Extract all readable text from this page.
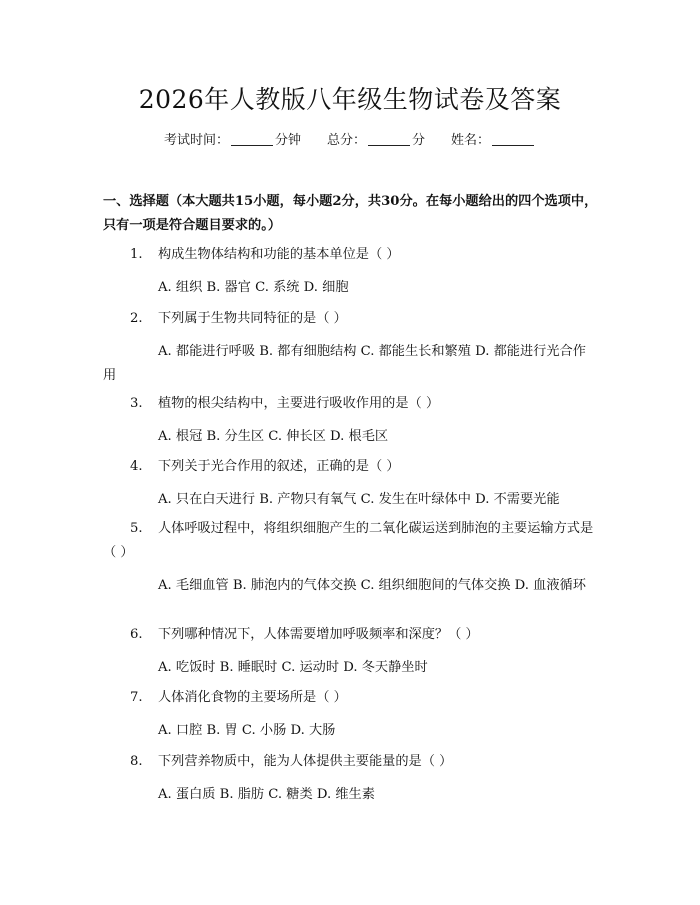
2026年人教版八年级生物试卷及答案
考试时间：	分钟 总分：	分 姓名：
一、选择题（本大题共15小题，每小题2分，共30分。在每小题给出的四个选项中，只有一项是符合题目要求的。）
1. 构成生物体结构和功能的基本单位是（ ）
A. 组织 B. 器官 C. 系统 D. 细胞
2. 下列属于生物共同特征的是（ ）
A. 都能进行呼吸 B. 都有细胞结构 C. 都能生长和繁殖 D. 都能进行光合作用
3. 植物的根尖结构中，主要进行吸收作用的是（ ）
A. 根冠 B. 分生区 C. 伸长区 D. 根毛区
4. 下列关于光合作用的叙述，正确的是（ ）
A. 只在白天进行 B. 产物只有氧气 C. 发生在叶绿体中 D. 不需要光能
5. 人体呼吸过程中，将组织细胞产生的二氧化碳运送到肺泡的主要运输方式是（ ）
A. 毛细血管 B. 肺泡内的气体交换 C. 组织细胞间的气体交换 D. 血液循环
6. 下列哪种情况下，人体需要增加呼吸频率和深度？（ ）
A. 吃饭时 B. 睡眠时 C. 运动时 D. 冬天静坐时
7. 人体消化食物的主要场所是（ ）
A. 口腔 B. 胃 C. 小肠 D. 大肠
8. 下列营养物质中，能为人体提供主要能量的是（ ）
A. 蛋白质 B. 脂肪 C. 糖类 D. 维生素
